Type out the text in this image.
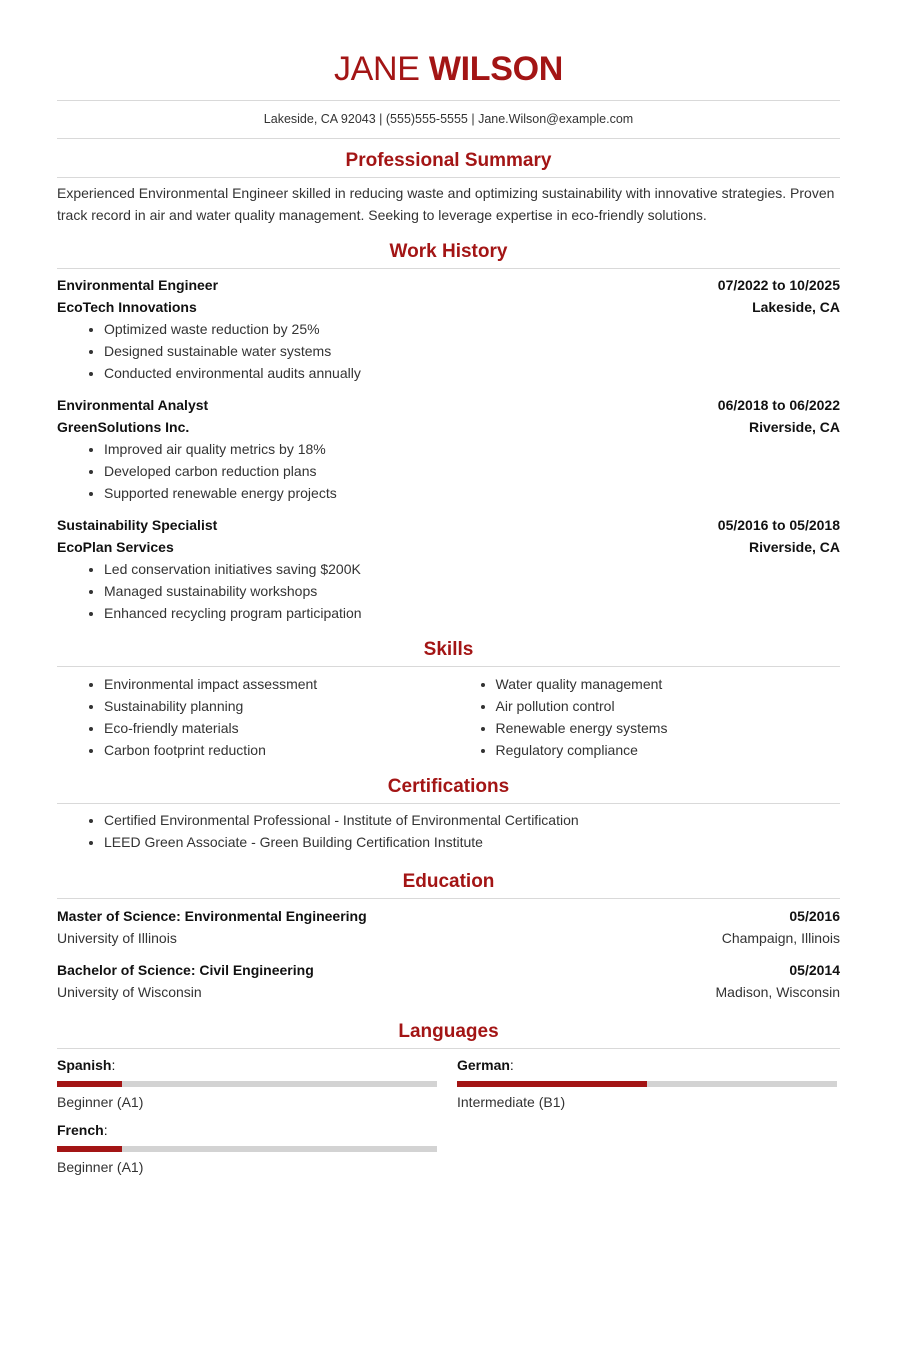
JANE WILSON
Lakeside, CA 92043 | (555)555-5555 | Jane.Wilson@example.com
Professional Summary
Experienced Environmental Engineer skilled in reducing waste and optimizing sustainability with innovative strategies. Proven track record in air and water quality management. Seeking to leverage expertise in eco-friendly solutions.
Work History
Environmental Engineer	07/2022 to 10/2025
EcoTech Innovations	Lakeside, CA
• Optimized waste reduction by 25%
• Designed sustainable water systems
• Conducted environmental audits annually
Environmental Analyst	06/2018 to 06/2022
GreenSolutions Inc.	Riverside, CA
• Improved air quality metrics by 18%
• Developed carbon reduction plans
• Supported renewable energy projects
Sustainability Specialist	05/2016 to 05/2018
EcoPlan Services	Riverside, CA
• Led conservation initiatives saving $200K
• Managed sustainability workshops
• Enhanced recycling program participation
Skills
• Environmental impact assessment
• Sustainability planning
• Eco-friendly materials
• Carbon footprint reduction
• Water quality management
• Air pollution control
• Renewable energy systems
• Regulatory compliance
Certifications
• Certified Environmental Professional - Institute of Environmental Certification
• LEED Green Associate - Green Building Certification Institute
Education
Master of Science: Environmental Engineering	05/2016
University of Illinois	Champaign, Illinois
Bachelor of Science: Civil Engineering	05/2014
University of Wisconsin	Madison, Wisconsin
Languages
Spanish:
Beginner (A1)
German:
Intermediate (B1)
French:
Beginner (A1)
